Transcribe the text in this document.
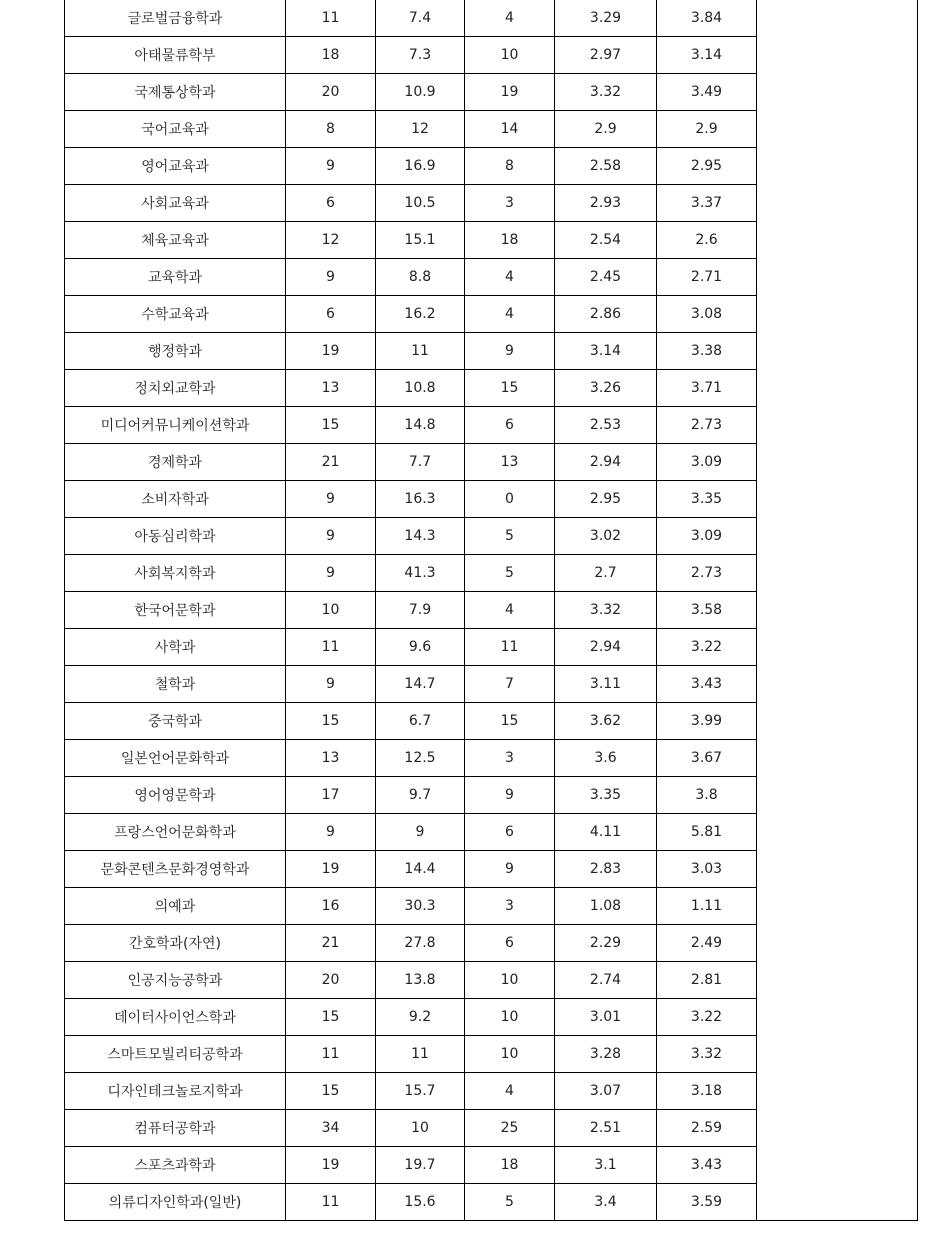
글로벌금융학과	11	7.4	4	3.29	3.84	
아태물류학부	18	7.3	10	2.97	3.14	
국제통상학과	20	10.9	19	3.32	3.49	
국어교육과	8	12	14	2.9	2.9	
영어교육과	9	16.9	8	2.58	2.95	
사회교육과	6	10.5	3	2.93	3.37	
체육교육과	12	15.1	18	2.54	2.6	
교육학과	9	8.8	4	2.45	2.71	
수학교육과	6	16.2	4	2.86	3.08	
행정학과	19	11	9	3.14	3.38	
정치외교학과	13	10.8	15	3.26	3.71	
미디어커뮤니케이션학과	15	14.8	6	2.53	2.73	
경제학과	21	7.7	13	2.94	3.09	
소비자학과	9	16.3	0	2.95	3.35	
아동심리학과	9	14.3	5	3.02	3.09	
사회복지학과	9	41.3	5	2.7	2.73	
한국어문학과	10	7.9	4	3.32	3.58	
사학과	11	9.6	11	2.94	3.22	
철학과	9	14.7	7	3.11	3.43	
중국학과	15	6.7	15	3.62	3.99	
일본언어문화학과	13	12.5	3	3.6	3.67	
영어영문학과	17	9.7	9	3.35	3.8	
프랑스언어문화학과	9	9	6	4.11	5.81	
문화콘텐츠문화경영학과	19	14.4	9	2.83	3.03	
의예과	16	30.3	3	1.08	1.11	
간호학과(자연)	21	27.8	6	2.29	2.49	
인공지능공학과	20	13.8	10	2.74	2.81	
데이터사이언스학과	15	9.2	10	3.01	3.22	
스마트모빌리티공학과	11	11	10	3.28	3.32	
디자인테크놀로지학과	15	15.7	4	3.07	3.18	
컴퓨터공학과	34	10	25	2.51	2.59	
스포츠과학과	19	19.7	18	3.1	3.43	
의류디자인학과(일반)	11	15.6	5	3.4	3.59	
